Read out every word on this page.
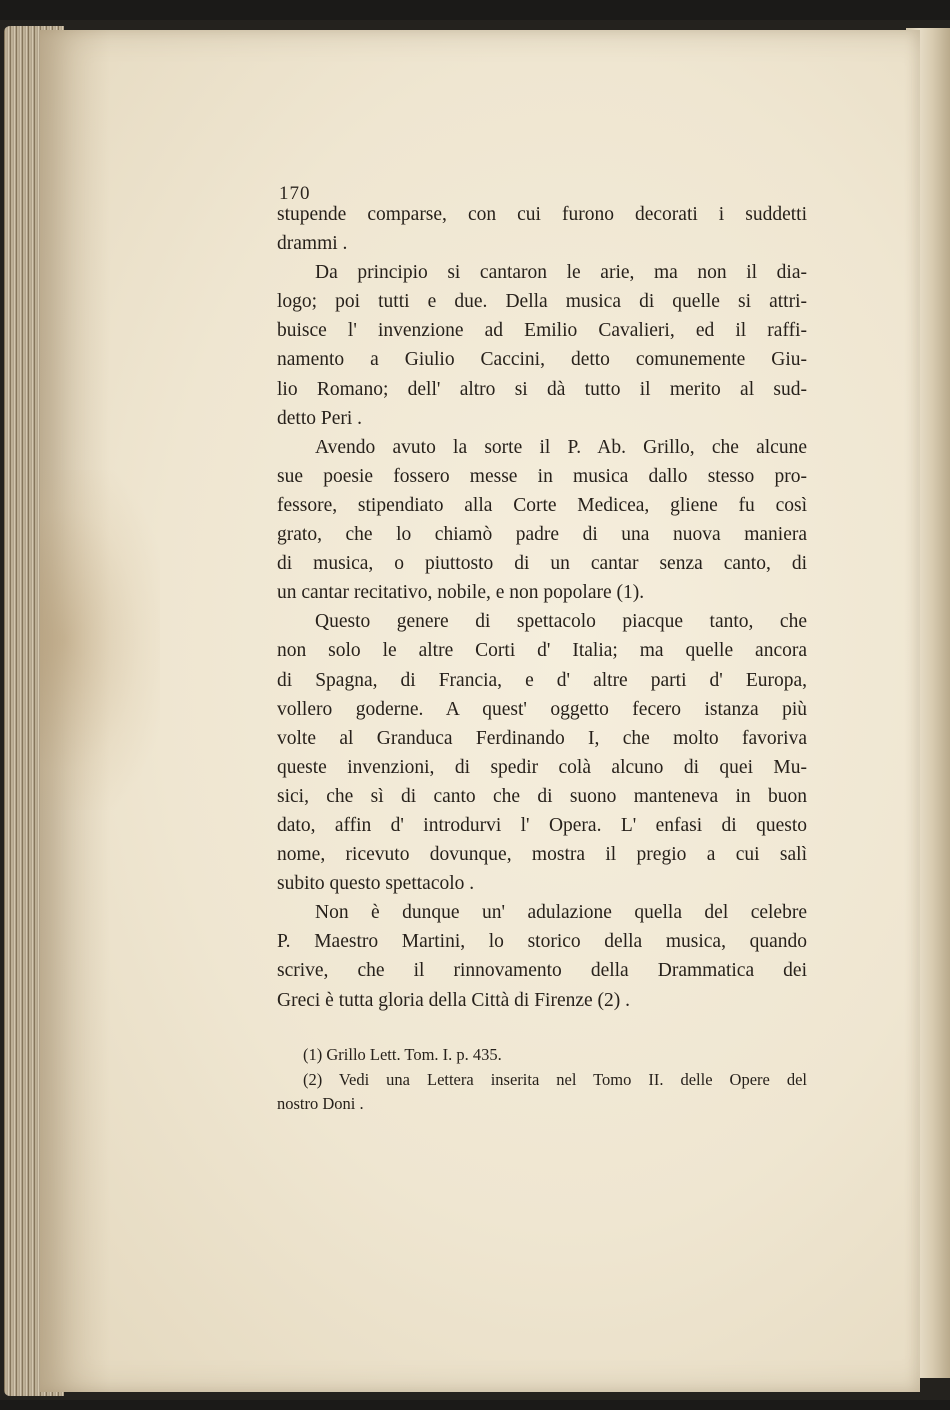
170
stupende comparse, con cui furono decorati i suddetti
drammi .
Da principio si cantaron le arie, ma non il dia-
logo; poi tutti e due. Della musica di quelle si attri-
buisce l' invenzione ad Emilio Cavalieri, ed il raffi-
namento a Giulio Caccini, detto comunemente Giu-
lio Romano; dell' altro si dà tutto il merito al sud-
detto Peri .
Avendo avuto la sorte il P. Ab. Grillo, che alcune
sue poesie fossero messe in musica dallo stesso pro-
fessore, stipendiato alla Corte Medicea, gliene fu così
grato, che lo chiamò padre di una nuova maniera
di musica, o piuttosto di un cantar senza canto, di
un cantar recitativo, nobile, e non popolare (1).
Questo genere di spettacolo piacque tanto, che
non solo le altre Corti d' Italia; ma quelle ancora
di Spagna, di Francia, e d' altre parti d' Europa,
vollero goderne. A quest' oggetto fecero istanza più
volte al Granduca Ferdinando I, che molto favoriva
queste invenzioni, di spedir colà alcuno di quei Mu-
sici, che sì di canto che di suono manteneva in buon
dato, affin d' introdurvi l' Opera. L' enfasi di questo
nome, ricevuto dovunque, mostra il pregio a cui salì
subito questo spettacolo .
Non è dunque un' adulazione quella del celebre
P. Maestro Martini, lo storico della musica, quando
scrive, che il rinnovamento della Drammatica dei
Greci è tutta gloria della Città di Firenze (2) .
(1) Grillo Lett. Tom. I. p. 435.
(2) Vedi una Lettera inserita nel Tomo II. delle Opere del
nostro Doni .
